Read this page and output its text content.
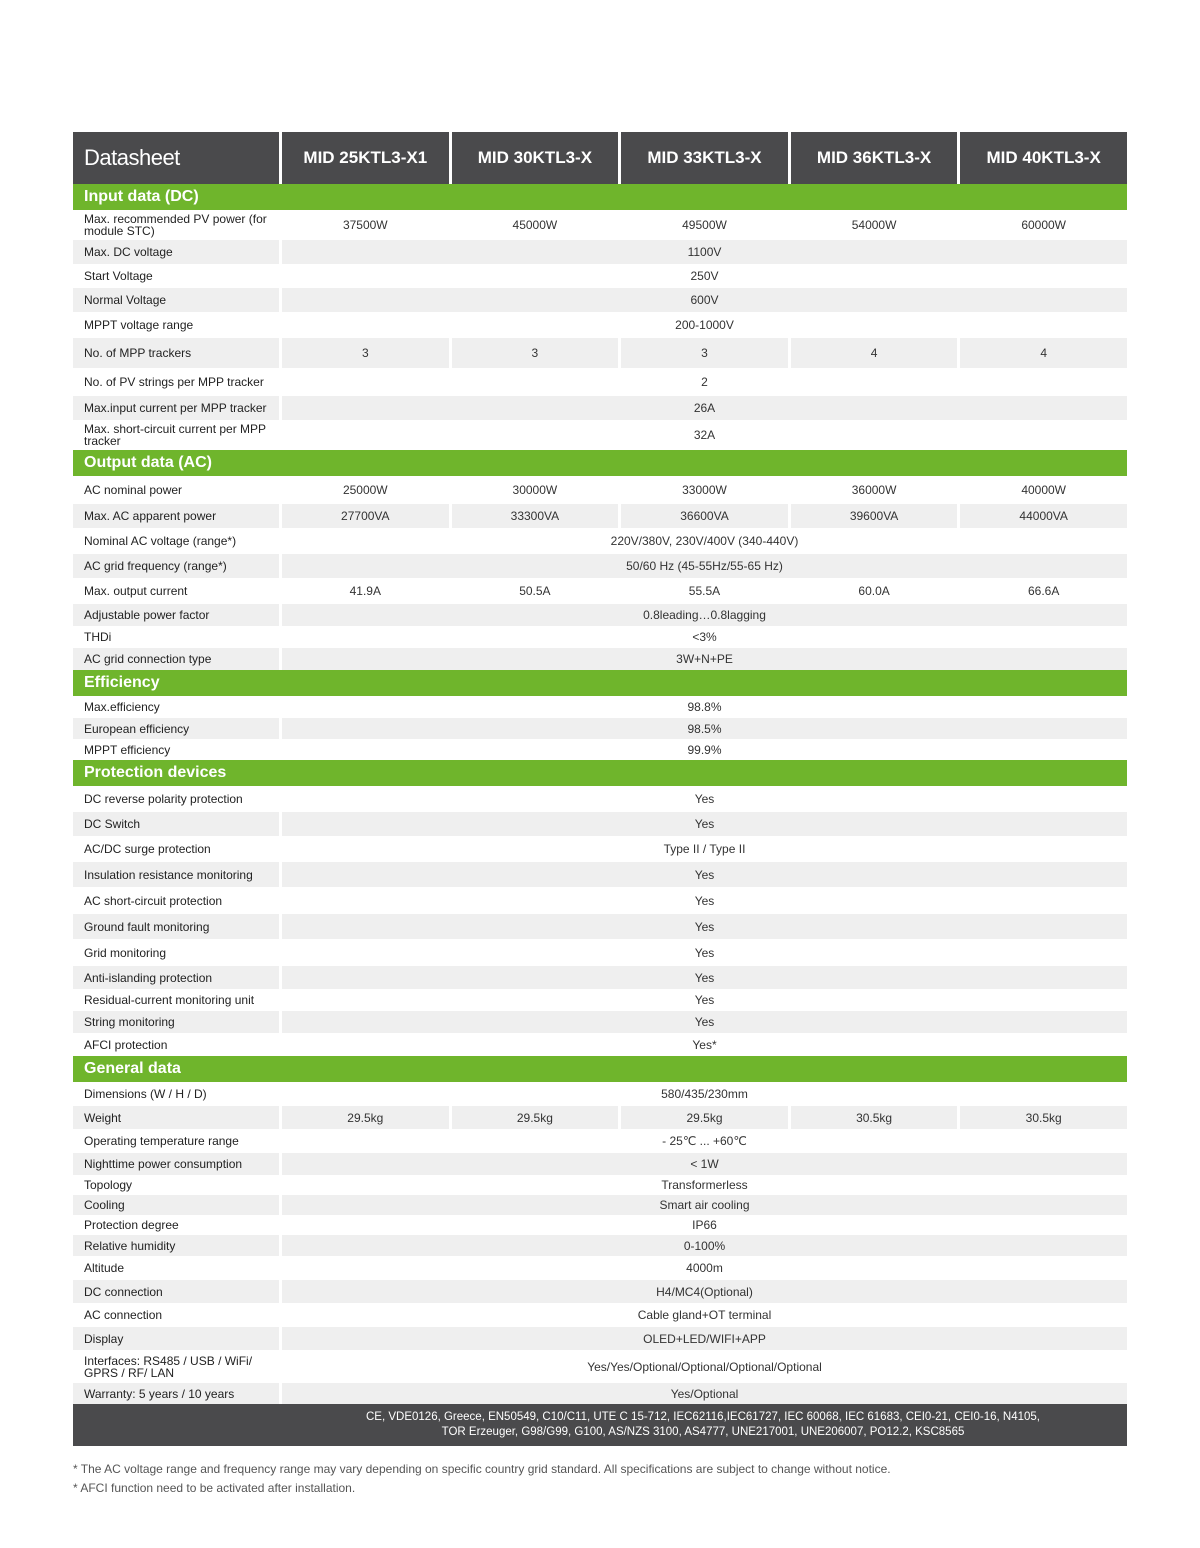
Datasheet	MID 25KTL3-X1	MID 30KTL3-X	MID 33KTL3-X	MID 36KTL3-X	MID 40KTL3-X
Input data (DC)
Max. recommended PV power (for module STC)	37500W	45000W	49500W	54000W	60000W
Max. DC voltage	1100V
Start Voltage	250V
Normal Voltage	600V
MPPT voltage range	200-1000V
No. of MPP trackers	3	3	3	4	4
No. of PV strings per MPP tracker	2
Max.input current per MPP tracker	26A
Max. short-circuit current per MPP tracker	32A
Output data (AC)
AC nominal power	25000W	30000W	33000W	36000W	40000W
Max. AC apparent power	27700VA	33300VA	36600VA	39600VA	44000VA
Nominal AC voltage (range*)	220V/380V, 230V/400V (340-440V)
AC grid frequency (range*)	50/60 Hz (45-55Hz/55-65 Hz)
Max. output current	41.9A	50.5A	55.5A	60.0A	66.6A
Adjustable power factor	0.8leading…0.8lagging
THDi	<3%
AC grid connection type	3W+N+PE
Efficiency
Max.efficiency	98.8%
European efficiency	98.5%
MPPT efficiency	99.9%
Protection devices
DC reverse polarity protection	Yes
DC Switch	Yes
AC/DC surge protection	Type II / Type II
Insulation resistance monitoring	Yes
AC short-circuit protection	Yes
Ground fault monitoring	Yes
Grid monitoring	Yes
Anti-islanding protection	Yes
Residual-current monitoring unit	Yes
String monitoring	Yes
AFCI protection	Yes*
General data
Dimensions (W / H / D)	580/435/230mm
Weight	29.5kg	29.5kg	29.5kg	30.5kg	30.5kg
Operating temperature range	- 25℃ ... +60℃
Nighttime power consumption	< 1W
Topology	Transformerless
Cooling	Smart air cooling
Protection degree	IP66
Relative humidity	0-100%
Altitude	4000m
DC connection	H4/MC4(Optional)
AC connection	Cable gland+OT terminal
Display	OLED+LED/WIFI+APP
Interfaces: RS485 / USB / WiFi/ GPRS / RF/ LAN	Yes/Yes/Optional/Optional/Optional/Optional
Warranty: 5 years / 10 years	Yes/Optional
CE, VDE0126, Greece, EN50549, C10/C11, UTE C 15-712, IEC62116,IEC61727, IEC 60068, IEC 61683, CEI0-21, CEI0-16, N4105,
TOR Erzeuger, G98/G99, G100, AS/NZS 3100, AS4777, UNE217001, UNE206007, PO12.2, KSC8565
* The AC voltage range and frequency range may vary depending on specific country grid standard. All specifications are subject to change without notice.
* AFCI function need to be activated after installation.
